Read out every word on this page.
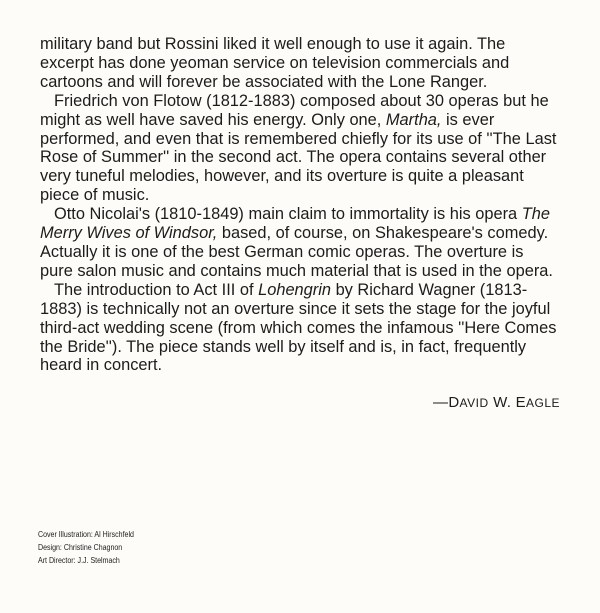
military band but Rossini liked it well enough to use it again. The excerpt has done yeoman service on television commercials and cartoons and will forever be associated with the Lone Ranger.

Friedrich von Flotow (1812-1883) composed about 30 operas but he might as well have saved his energy. Only one, Martha, is ever performed, and even that is remembered chiefly for its use of ''The Last Rose of Summer'' in the second act. The opera contains several other very tuneful melodies, however, and its overture is quite a pleasant piece of music.

Otto Nicolai's (1810-1849) main claim to immortality is his opera The Merry Wives of Windsor, based, of course, on Shakespeare's comedy. Actually it is one of the best German comic operas. The overture is pure salon music and contains much material that is used in the opera.

The introduction to Act III of Lohengrin by Richard Wagner (1813-1883) is technically not an overture since it sets the stage for the joyful third-act wedding scene (from which comes the infamous ''Here Comes the Bride''). The piece stands well by itself and is, in fact, frequently heard in concert.

—DAVID W. EAGLE
Cover Illustration: Al Hirschfeld
Design: Christine Chagnon
Art Director: J.J. Stelmach
